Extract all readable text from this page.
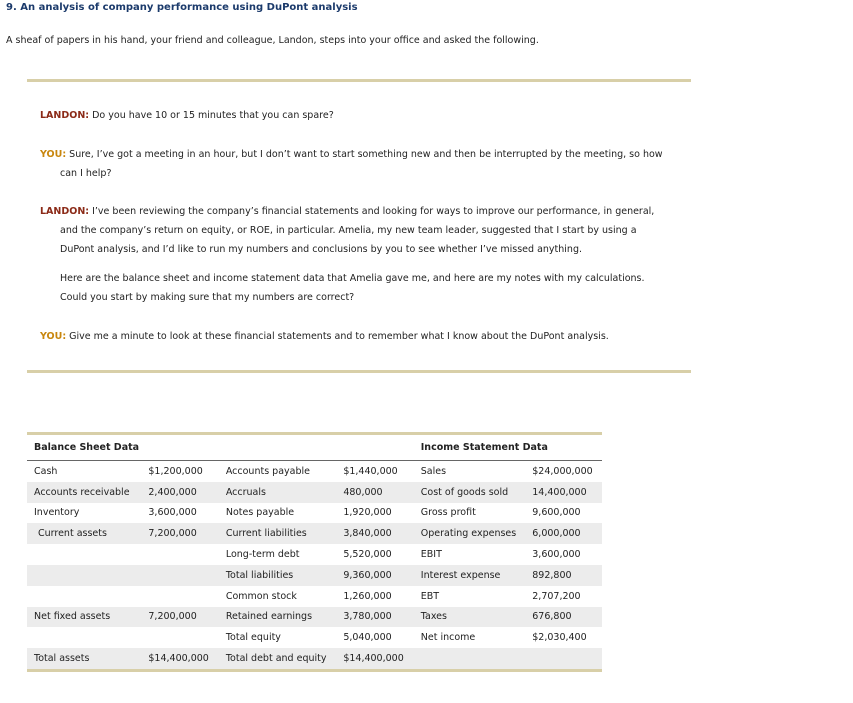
9. An analysis of company performance using DuPont analysis
A sheaf of papers in his hand, your friend and colleague, Landon, steps into your office and asked the following.
LANDON: Do you have 10 or 15 minutes that you can spare?
YOU: Sure, I’ve got a meeting in an hour, but I don’t want to start something new and then be interrupted by the meeting, so how can I help?
LANDON: I’ve been reviewing the company’s financial statements and looking for ways to improve our performance, in general, and the company’s return on equity, or ROE, in particular. Amelia, my new team leader, suggested that I start by using a DuPont analysis, and I’d like to run my numbers and conclusions by you to see whether I’ve missed anything.
Here are the balance sheet and income statement data that Amelia gave me, and here are my notes with my calculations. Could you start by making sure that my numbers are correct?
YOU: Give me a minute to look at these financial statements and to remember what I know about the DuPont analysis.
Balance Sheet Data				Income Statement Data	
Cash	$1,200,000	Accounts payable	$1,440,000	Sales	$24,000,000
Accounts receivable	2,400,000	Accruals	480,000	Cost of goods sold	14,400,000
Inventory	3,600,000	Notes payable	1,920,000	Gross profit	9,600,000
Current assets	7,200,000	Current liabilities	3,840,000	Operating expenses	6,000,000
		Long-term debt	5,520,000	EBIT	3,600,000
		Total liabilities	9,360,000	Interest expense	892,800
		Common stock	1,260,000	EBT	2,707,200
Net fixed assets	7,200,000	Retained earnings	3,780,000	Taxes	676,800
		Total equity	5,040,000	Net income	$2,030,400
Total assets	$14,400,000	Total debt and equity	$14,400,000		
